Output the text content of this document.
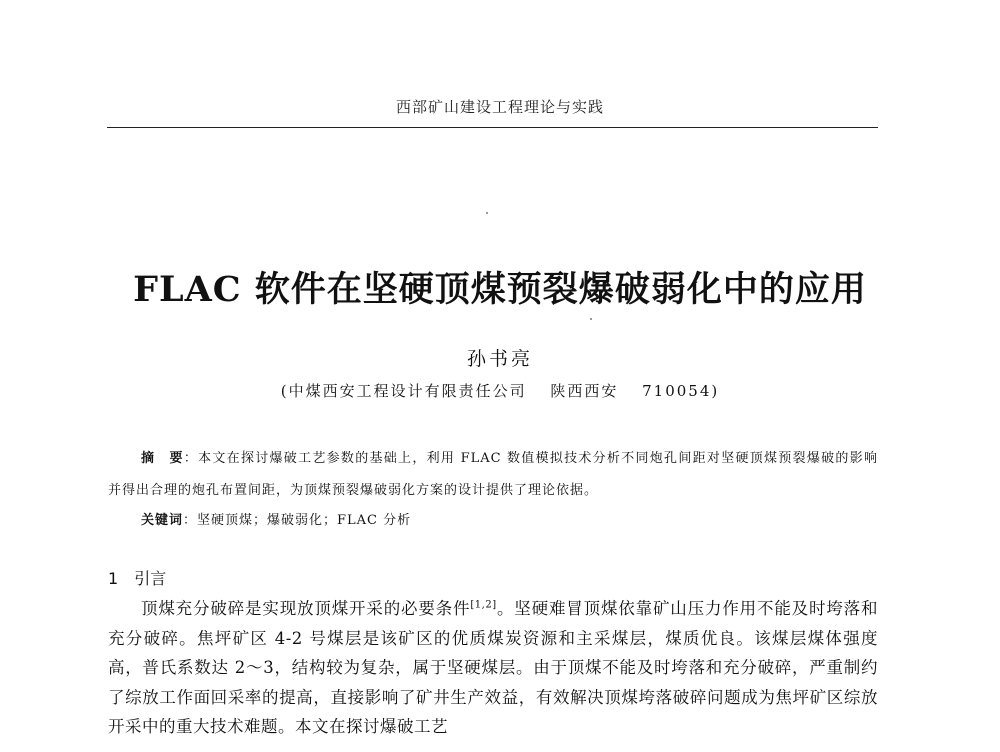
西部矿山建设工程理论与实践
FLAC 软件在坚硬顶煤预裂爆破弱化中的应用
孙书亮
(中煤西安工程设计有限责任公司　 陕西西安　 710054)
摘　要：本文在探讨爆破工艺参数的基础上，利用 FLAC 数值模拟技术分析不同炮孔间距对坚硬顶煤预裂爆破的影响并得出合理的炮孔布置间距，为顶煤预裂爆破弱化方案的设计提供了理论依据。
关键词：坚硬顶煤；爆破弱化；FLAC 分析
1 引言
顶煤充分破碎是实现放顶煤开采的必要条件[1,2]。坚硬难冒顶煤依靠矿山压力作用不能及时垮落和充分破碎。焦坪矿区 4-2 号煤层是该矿区的优质煤炭资源和主采煤层，煤质优良。该煤层煤体强度高，普氏系数达 2～3，结构较为复杂，属于坚硬煤层。由于顶煤不能及时垮落和充分破碎，严重制约了综放工作面回采率的提高，直接影响了矿井生产效益，有效解决顶煤垮落破碎问题成为焦坪矿区综放开采中的重大技术难题。本文在探讨爆破工艺
